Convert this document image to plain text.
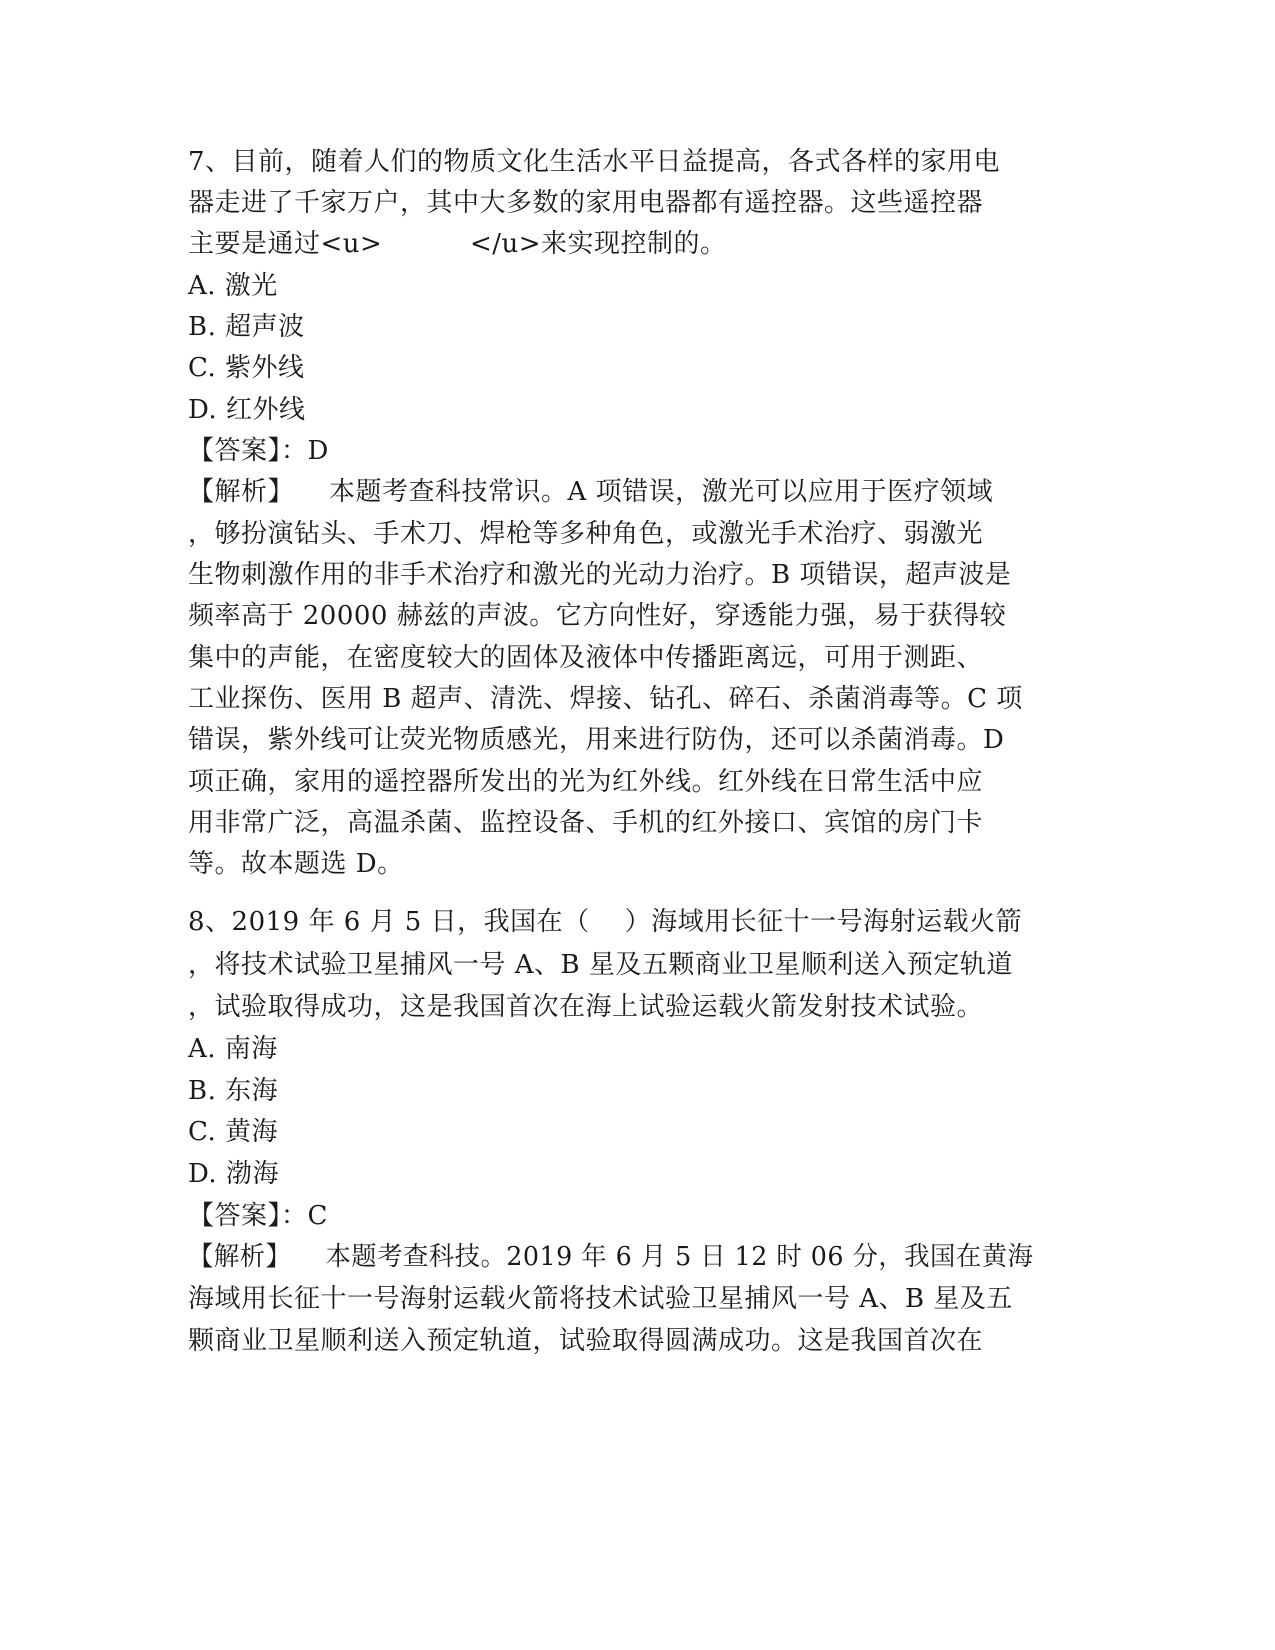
7、目前，随着人们的物质文化生活水平日益提高，各式各样的家用电
器走进了千家万户，其中大多数的家用电器都有遥控器。这些遥控器
主要是通过<u>          </u>来实现控制的。
A. 激光
B. 超声波
C. 紫外线
D. 红外线
【答案】：D
【解析】    本题考查科技常识。A 项错误，激光可以应用于医疗领域
，够扮演钻头、手术刀、焊枪等多种角色，或激光手术治疗、弱激光
生物刺激作用的非手术治疗和激光的光动力治疗。B 项错误，超声波是
频率高于 20000 赫兹的声波。它方向性好，穿透能力强，易于获得较
集中的声能，在密度较大的固体及液体中传播距离远，可用于测距、
工业探伤、医用 B 超声、清洗、焊接、钻孔、碎石、杀菌消毒等。C 项
错误，紫外线可让荧光物质感光，用来进行防伪，还可以杀菌消毒。D
项正确，家用的遥控器所发出的光为红外线。红外线在日常生活中应
用非常广泛，高温杀菌、监控设备、手机的红外接口、宾馆的房门卡
等。故本题选 D。
8、2019 年 6 月 5 日，我国在（    ）海域用长征十一号海射运载火箭
，将技术试验卫星捕风一号 A、B 星及五颗商业卫星顺利送入预定轨道
，试验取得成功，这是我国首次在海上试验运载火箭发射技术试验。
A. 南海
B. 东海
C. 黄海
D. 渤海
【答案】：C
【解析】    本题考查科技。2019 年 6 月 5 日 12 时 06 分，我国在黄海
海域用长征十一号海射运载火箭将技术试验卫星捕风一号 A、B 星及五
颗商业卫星顺利送入预定轨道，试验取得圆满成功。这是我国首次在
